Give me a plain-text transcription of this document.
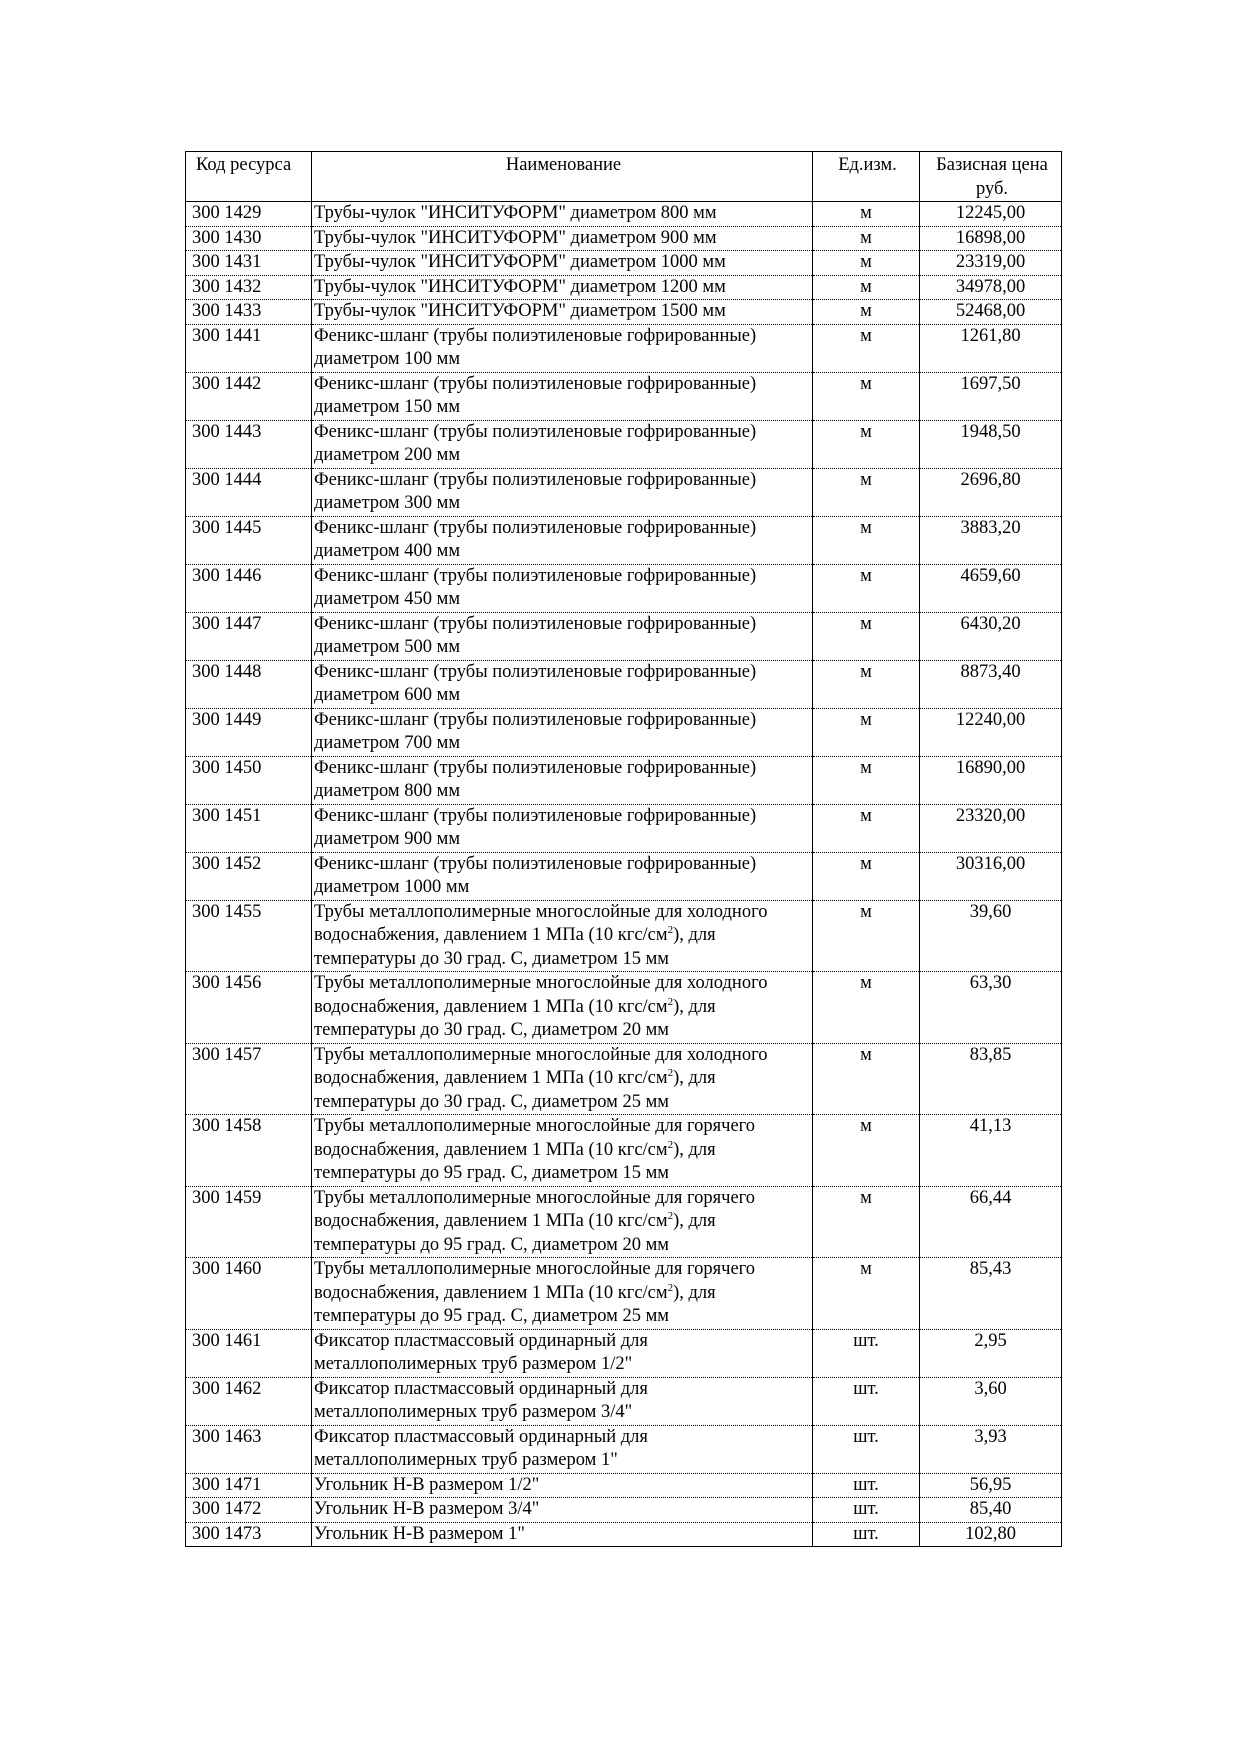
Код ресурса	Наименование	Ед.изм.	Базисная цена
руб.
300 1429	Трубы-чулок "ИНСИТУФОРМ" диаметром 800 мм	м	12245,00
300 1430	Трубы-чулок "ИНСИТУФОРМ" диаметром 900 мм	м	16898,00
300 1431	Трубы-чулок "ИНСИТУФОРМ" диаметром 1000 мм	м	23319,00
300 1432	Трубы-чулок "ИНСИТУФОРМ" диаметром 1200 мм	м	34978,00
300 1433	Трубы-чулок "ИНСИТУФОРМ" диаметром 1500 мм	м	52468,00
300 1441	Феникс-шланг (трубы полиэтиленовые гофрированные) диаметром 100 мм	м	1261,80
300 1442	Феникс-шланг (трубы полиэтиленовые гофрированные) диаметром 150 мм	м	1697,50
300 1443	Феникс-шланг (трубы полиэтиленовые гофрированные) диаметром 200 мм	м	1948,50
300 1444	Феникс-шланг (трубы полиэтиленовые гофрированные) диаметром 300 мм	м	2696,80
300 1445	Феникс-шланг (трубы полиэтиленовые гофрированные) диаметром 400 мм	м	3883,20
300 1446	Феникс-шланг (трубы полиэтиленовые гофрированные) диаметром 450 мм	м	4659,60
300 1447	Феникс-шланг (трубы полиэтиленовые гофрированные) диаметром 500 мм	м	6430,20
300 1448	Феникс-шланг (трубы полиэтиленовые гофрированные) диаметром 600 мм	м	8873,40
300 1449	Феникс-шланг (трубы полиэтиленовые гофрированные) диаметром 700 мм	м	12240,00
300 1450	Феникс-шланг (трубы полиэтиленовые гофрированные) диаметром 800 мм	м	16890,00
300 1451	Феникс-шланг (трубы полиэтиленовые гофрированные) диаметром 900 мм	м	23320,00
300 1452	Феникс-шланг (трубы полиэтиленовые гофрированные) диаметром 1000 мм	м	30316,00
300 1455	Трубы металлополимерные многослойные для холодного водоснабжения, давлением 1 МПа (10 кгс/$см^2$), для температуры до 30 град. С, диаметром 15 мм	м	39,60
300 1456	Трубы металлополимерные многослойные для холодного водоснабжения, давлением 1 МПа (10 кгс/$см^2$), для температуры до 30 град. С, диаметром 20 мм	м	63,30
300 1457	Трубы металлополимерные многослойные для холодного водоснабжения, давлением 1 МПа (10 кгс/$см^2$), для температуры до 30 град. С, диаметром 25 мм	м	83,85
300 1458	Трубы металлополимерные многослойные для горячего водоснабжения, давлением 1 МПа (10 кгс/$см^2$), для температуры до 95 град. С, диаметром 15 мм	м	41,13
300 1459	Трубы металлополимерные многослойные для горячего водоснабжения, давлением 1 МПа (10 кгс/$см^2$), для температуры до 95 град. С, диаметром 20 мм	м	66,44
300 1460	Трубы металлополимерные многослойные для горячего водоснабжения, давлением 1 МПа (10 кгс/$см^2$), для температуры до 95 град. С, диаметром 25 мм	м	85,43
300 1461	Фиксатор пластмассовый ординарный для металлополимерных труб размером 1/2"	шт.	2,95
300 1462	Фиксатор пластмассовый ординарный для металлополимерных труб размером 3/4"	шт.	3,60
300 1463	Фиксатор пластмассовый ординарный для металлополимерных труб размером 1"	шт.	3,93
300 1471	Угольник Н-В размером 1/2"	шт.	56,95
300 1472	Угольник Н-В размером 3/4"	шт.	85,40
300 1473	Угольник Н-В размером 1"	шт.	102,80
